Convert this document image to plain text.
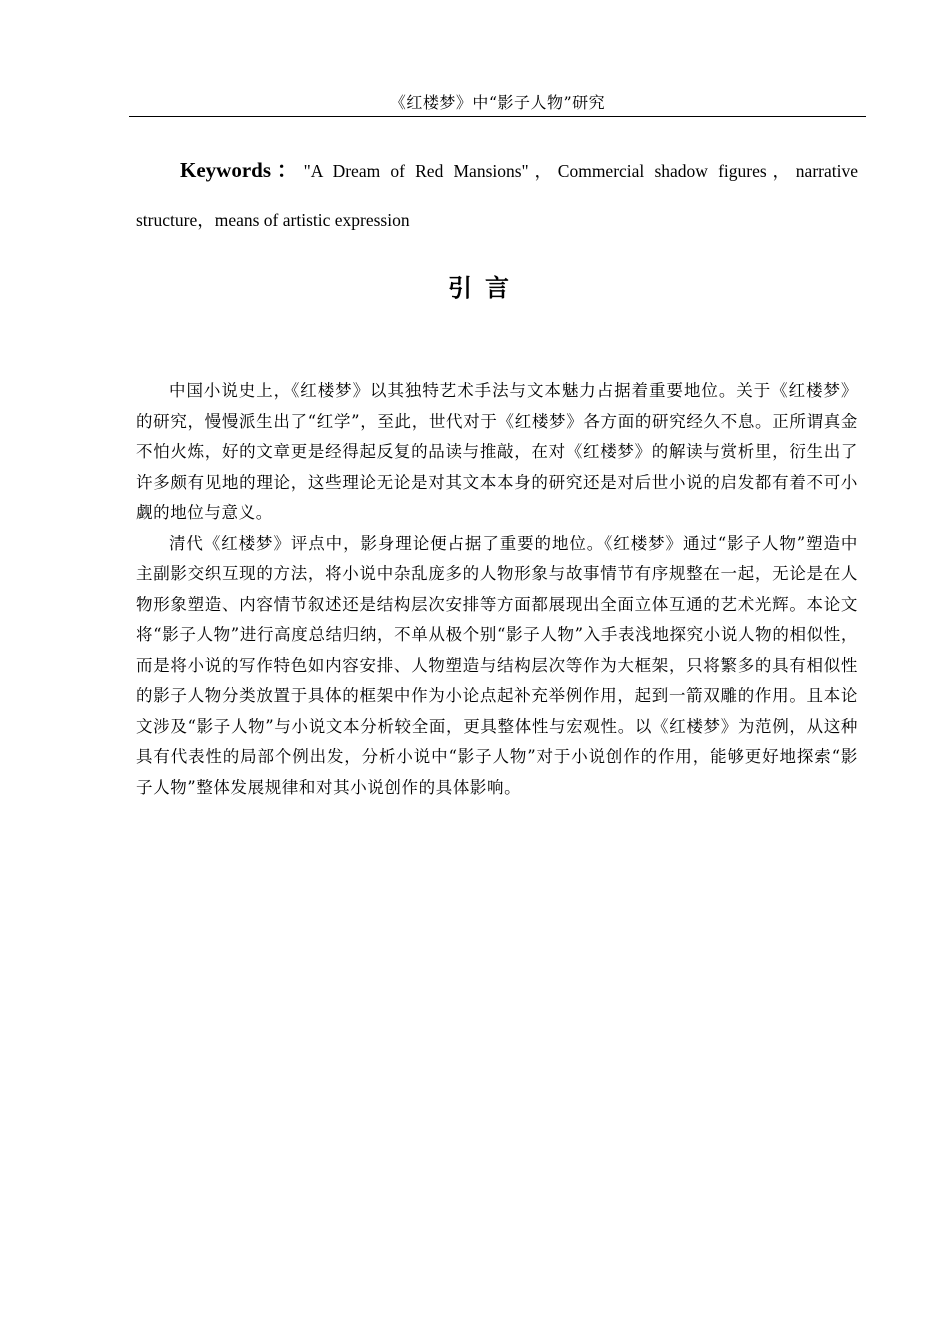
《红楼梦》中“影子人物”研究

Keywords："A Dream of Red Mansions"，Commercial shadow figures，narrative structure，means of artistic expression

引言

中国小说史上，《红楼梦》以其独特艺术手法与文本魅力占据着重要地位。关于《红楼梦》的研究，慢慢派生出了“红学”，至此，世代对于《红楼梦》各方面的研究经久不息。正所谓真金不怕火炼，好的文章更是经得起反复的品读与推敲，在对《红楼梦》的解读与赏析里，衍生出了许多颇有见地的理论，这些理论无论是对其文本本身的研究还是对后世小说的启发都有着不可小觑的地位与意义。

清代《红楼梦》评点中，影身理论便占据了重要的地位。《红楼梦》通过“影子人物”塑造中主副影交织互现的方法，将小说中杂乱庞多的人物形象与故事情节有序规整在一起，无论是在人物形象塑造、内容情节叙述还是结构层次安排等方面都展现出全面立体互通的艺术光辉。本论文将“影子人物”进行高度总结归纳，不单从极个别“影子人物”入手表浅地探究小说人物的相似性，而是将小说的写作特色如内容安排、人物塑造与结构层次等作为大框架，只将繁多的具有相似性的影子人物分类放置于具体的框架中作为小论点起补充举例作用，起到一箭双雕的作用。且本论文涉及“影子人物”与小说文本分析较全面，更具整体性与宏观性。以《红楼梦》为范例，从这种具有代表性的局部个例出发，分析小说中“影子人物”对于小说创作的作用，能够更好地探索“影子人物”整体发展规律和对其小说创作的具体影响。
